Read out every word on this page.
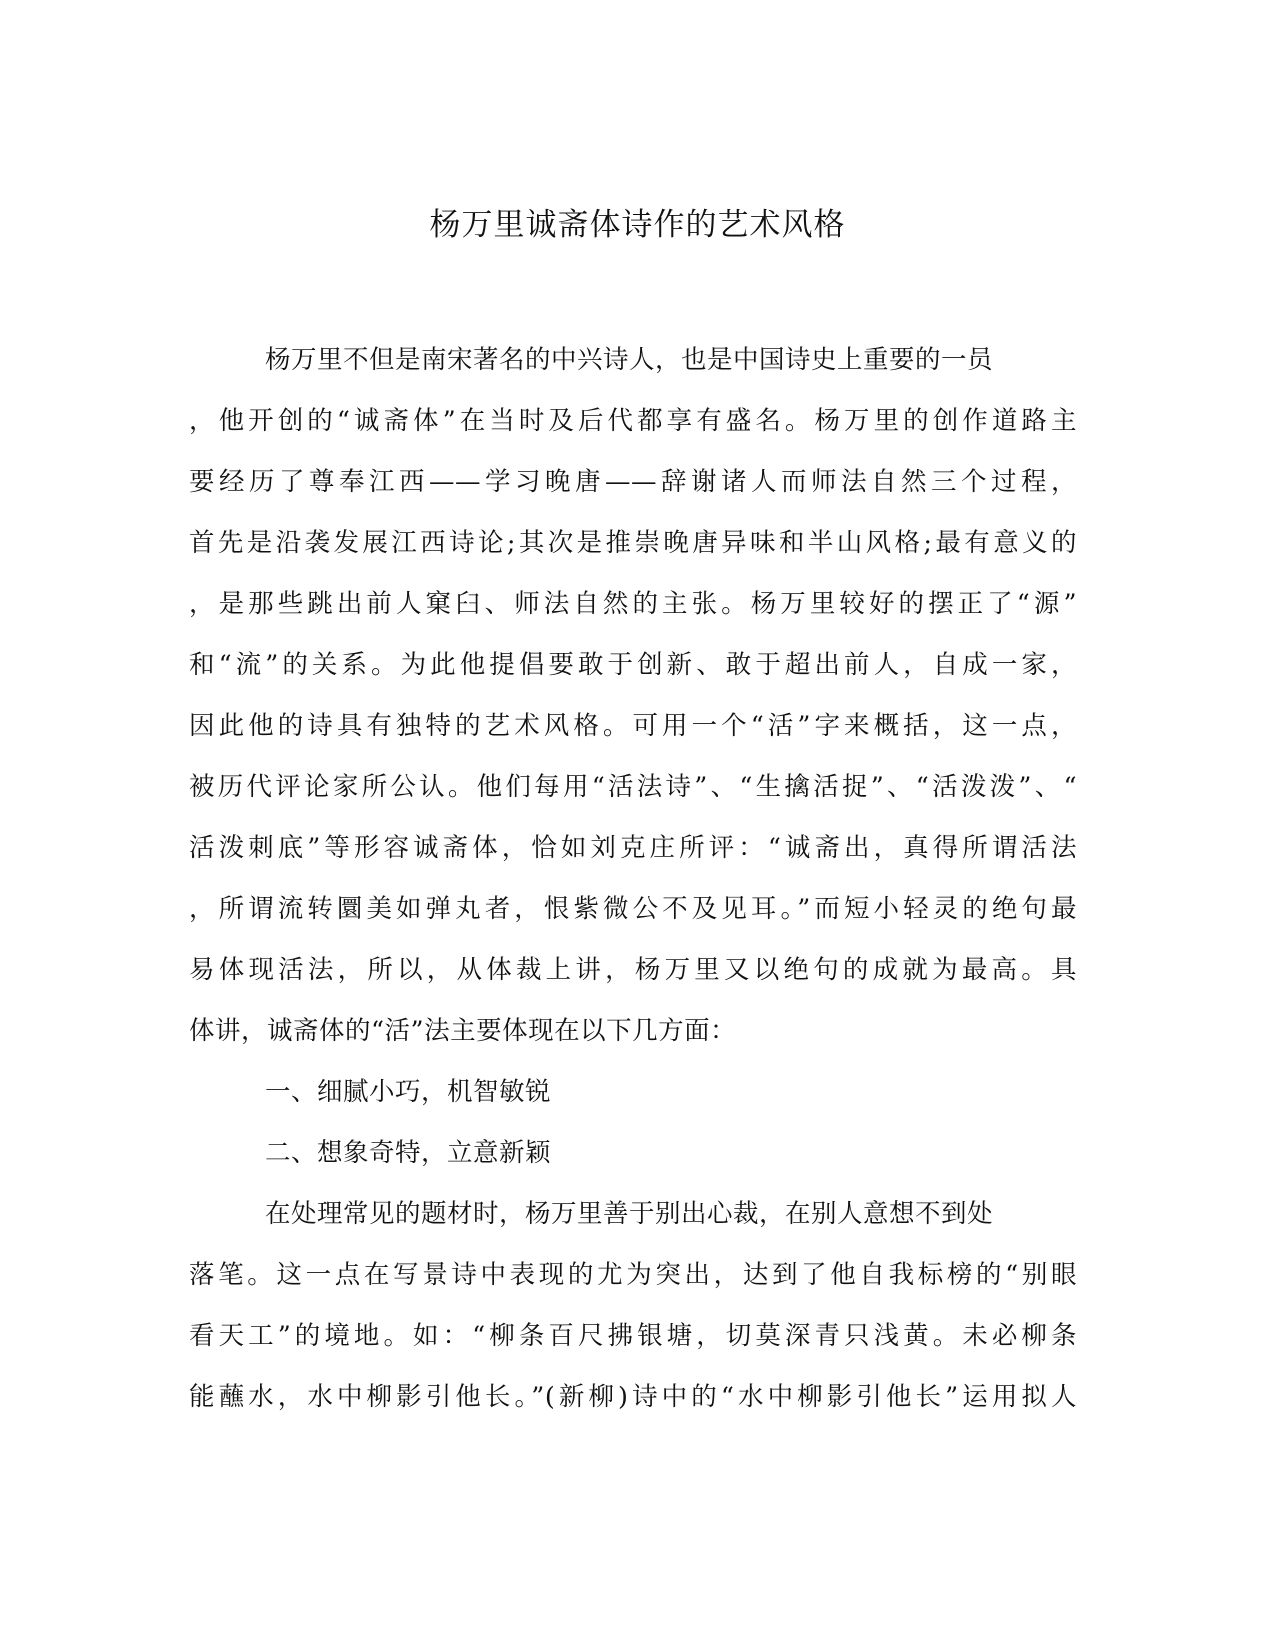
杨万里诚斋体诗作的艺术风格
杨万里不但是南宋著名的中兴诗人，也是中国诗史上重要的一员
，他开创的“诚斋体”在当时及后代都享有盛名。杨万里的创作道路主
要经历了尊奉江西——学习晚唐——辞谢诸人而师法自然三个过程，
首先是沿袭发展江西诗论;其次是推崇晚唐异味和半山风格;最有意义的
，是那些跳出前人窠臼、师法自然的主张。杨万里较好的摆正了“源”
和“流”的关系。为此他提倡要敢于创新、敢于超出前人，自成一家，
因此他的诗具有独特的艺术风格。可用一个“活”字来概括，这一点，
被历代评论家所公认。他们每用“活法诗”、“生擒活捉”、“活泼泼”、“
活泼刺底”等形容诚斋体，恰如刘克庄所评：“诚斋出，真得所谓活法
，所谓流转圜美如弹丸者，恨紫微公不及见耳。”而短小轻灵的绝句最
易体现活法，所以，从体裁上讲，杨万里又以绝句的成就为最高。具
体讲，诚斋体的“活”法主要体现在以下几方面：
一、细腻小巧，机智敏锐
二、想象奇特，立意新颖
在处理常见的题材时，杨万里善于别出心裁，在别人意想不到处
落笔。这一点在写景诗中表现的尤为突出，达到了他自我标榜的“别眼
看天工”的境地。如：“柳条百尺拂银塘，切莫深青只浅黄。未必柳条
能蘸水，水中柳影引他长。”(新柳)诗中的“水中柳影引他长”运用拟人
